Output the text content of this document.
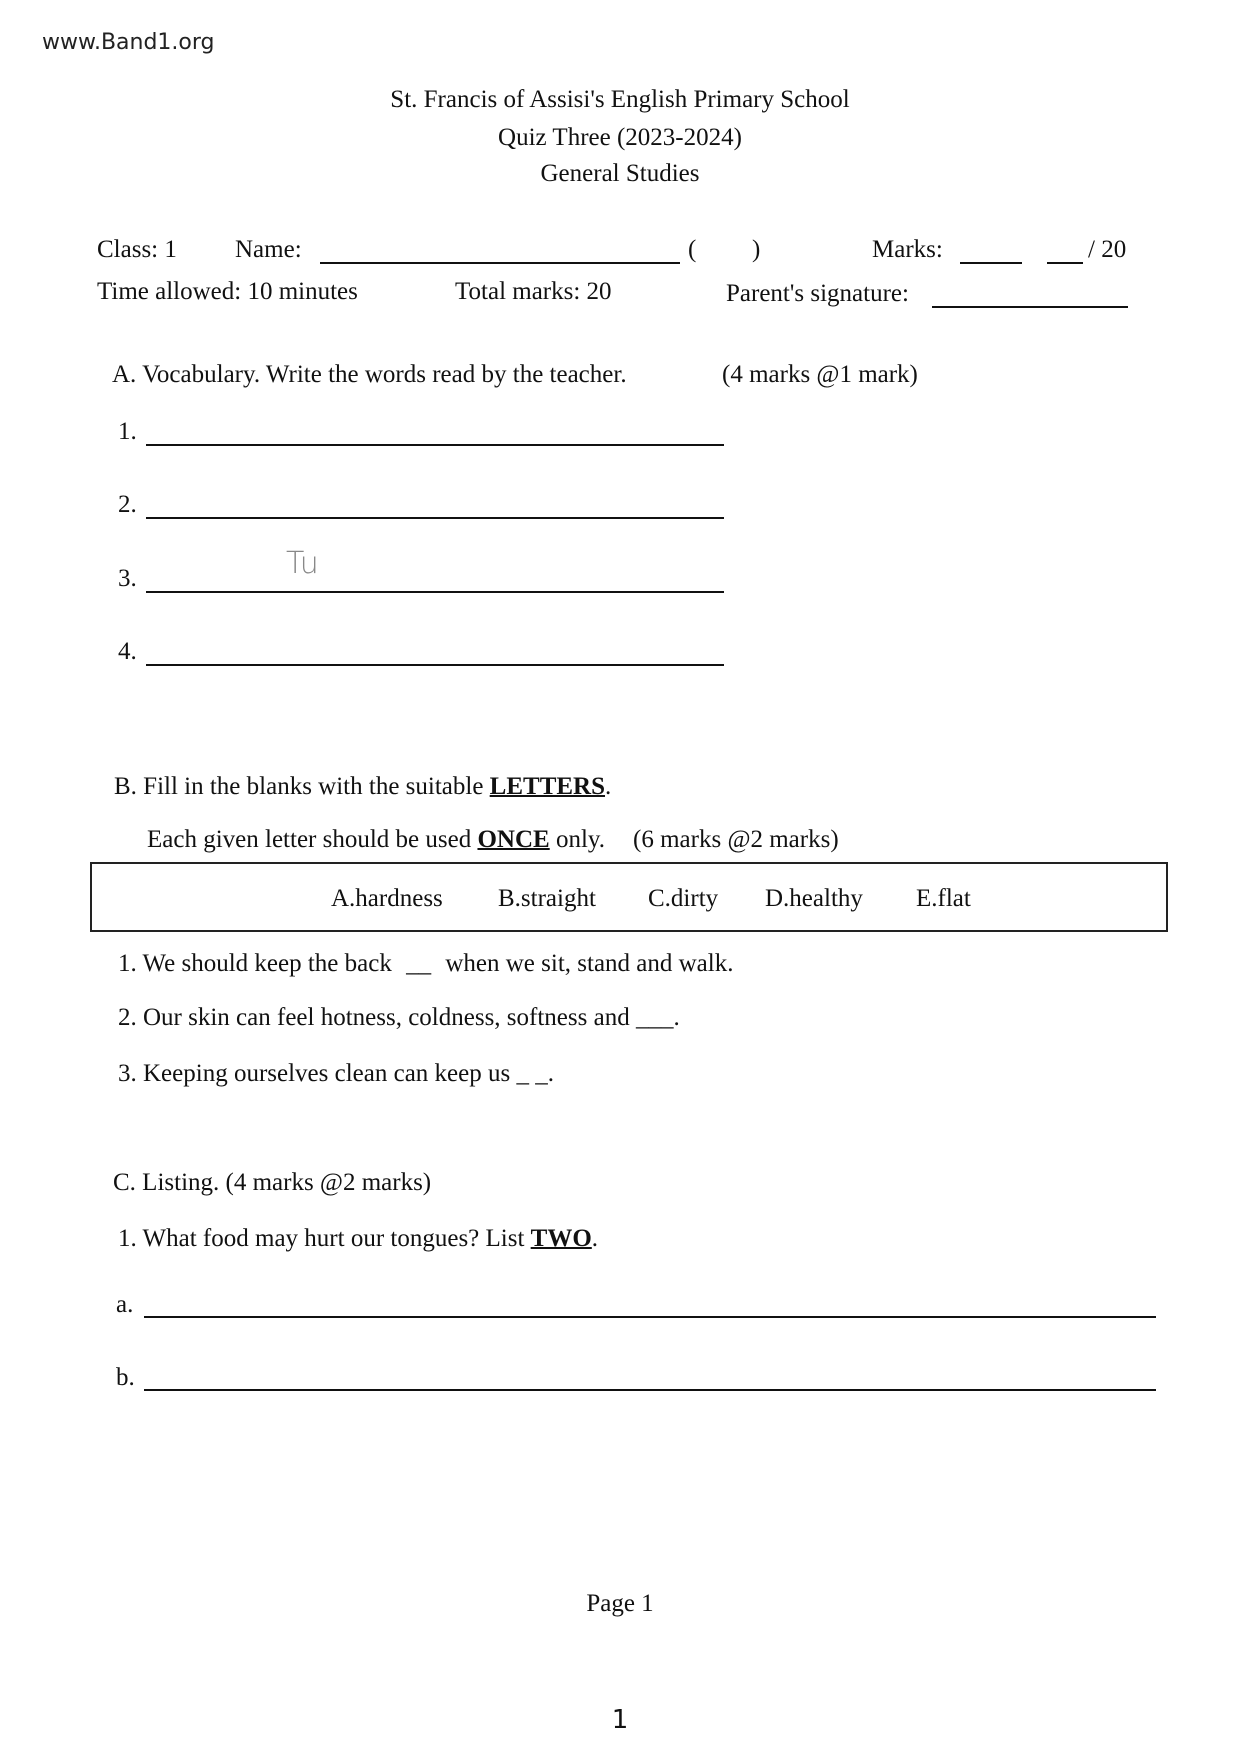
www.Band1.org
St. Francis of Assisi's English Primary School
Quiz Three (2023-2024)
General Studies
Class: 1 Name:	( )	Marks:	/ 20
Time allowed: 10 minutes	Total marks: 20	Parent's signature:
A. Vocabulary. Write the words read by the teacher.	(4 marks @1 mark)
1.
2.
3.	Tu
4.
B. Fill in the blanks with the suitable LETTERS.
Each given letter should be used ONCE only. (6 marks @2 marks)
A.hardness B.straight C.dirty D.healthy E.flat
1. We should keep the back __ when we sit, stand and walk.
2. Our skin can feel hotness, coldness, softness and ___.
3. Keeping ourselves clean can keep us _ _.
C. Listing. (4 marks @2 marks)
1. What food may hurt our tongues? List TWO.
a.
b.
Page 1
1
